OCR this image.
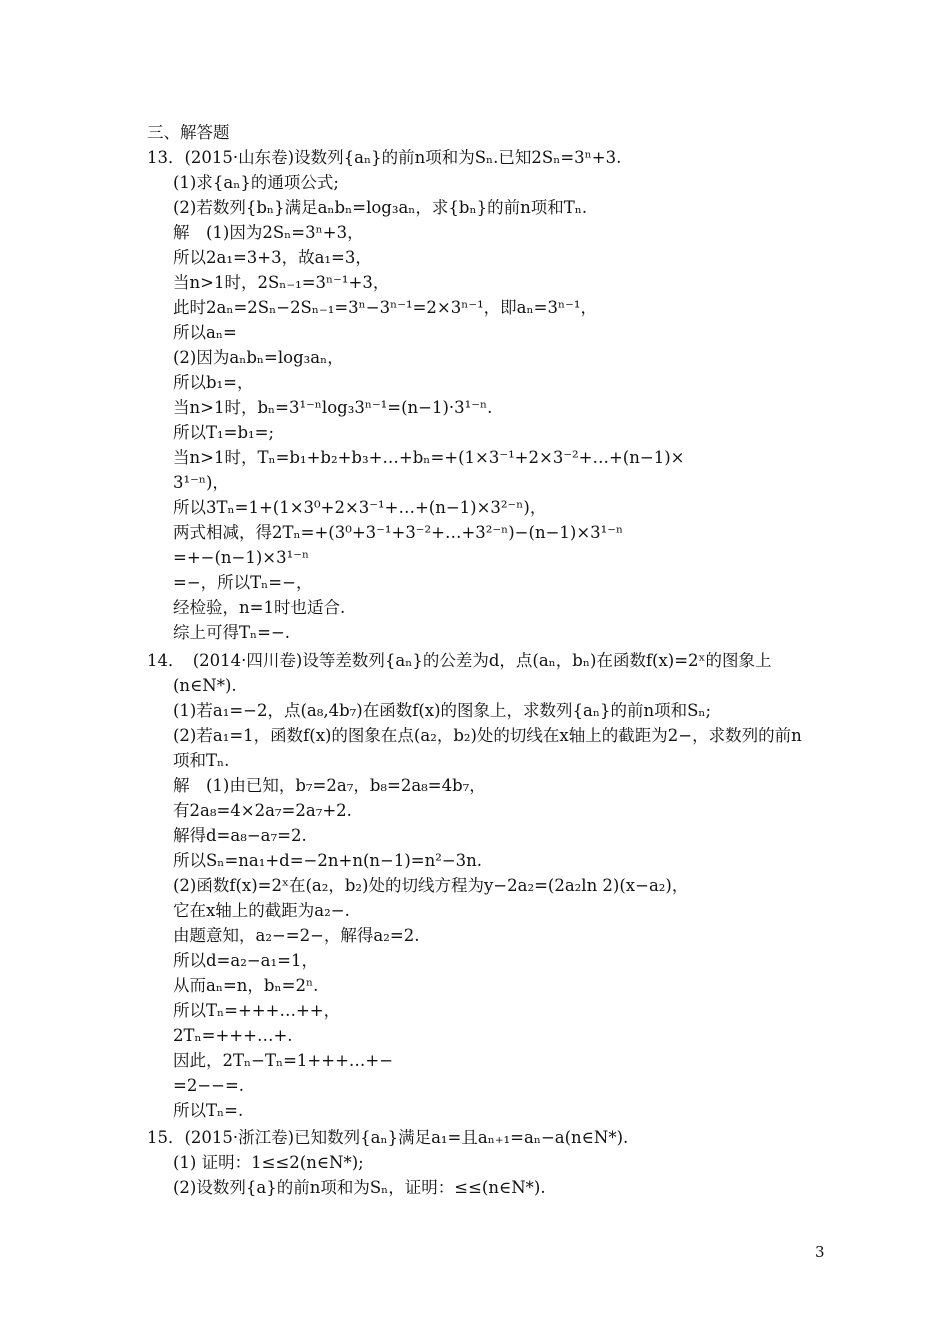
三、解答题
13．(2015·山东卷)设数列{aₙ}的前n项和为Sₙ.已知2Sₙ=3ⁿ+3.
(1)求{aₙ}的通项公式;
(2)若数列{bₙ}满足aₙbₙ=log₃aₙ，求{bₙ}的前n项和Tₙ.
解　(1)因为2Sₙ=3ⁿ+3，
所以2a₁=3+3，故a₁=3，
当n>1时，2Sₙ₋₁=3ⁿ⁻¹+3，
此时2aₙ=2Sₙ−2Sₙ₋₁=3ⁿ−3ⁿ⁻¹=2×3ⁿ⁻¹，即aₙ=3ⁿ⁻¹，
所以aₙ=
(2)因为aₙbₙ=log₃aₙ，
所以b₁=，
当n>1时，bₙ=3¹⁻ⁿlog₃3ⁿ⁻¹=(n−1)·3¹⁻ⁿ.
所以T₁=b₁=;
当n>1时，Tₙ=b₁+b₂+b₃+…+bₙ=+(1×3⁻¹+2×3⁻²+…+(n−1)×
3¹⁻ⁿ)，
所以3Tₙ=1+(1×3⁰+2×3⁻¹+…+(n−1)×3²⁻ⁿ)，
两式相减，得2Tₙ=+(3⁰+3⁻¹+3⁻²+…+3²⁻ⁿ)−(n−1)×3¹⁻ⁿ
=+−(n−1)×3¹⁻ⁿ
=−，所以Tₙ=−，
经检验，n=1时也适合.
综上可得Tₙ=−.
14．　(2014·四川卷)设等差数列{aₙ}的公差为d，点(aₙ，bₙ)在函数f(x)=2ˣ的图象上
(n∈N*).
(1)若a₁=−2，点(a₈,4b₇)在函数f(x)的图象上，求数列{aₙ}的前n项和Sₙ;
(2)若a₁=1，函数f(x)的图象在点(a₂，b₂)处的切线在x轴上的截距为2−，求数列的前n
项和Tₙ.
解　(1)由已知，b₇=2a₇，b₈=2a₈=4b₇，
有2a₈=4×2a₇=2a₇+2.
解得d=a₈−a₇=2.
所以Sₙ=na₁+d=−2n+n(n−1)=n²−3n.
(2)函数f(x)=2ˣ在(a₂，b₂)处的切线方程为y−2a₂=(2a₂ln 2)(x−a₂)，
它在x轴上的截距为a₂−.
由题意知，a₂−=2−，解得a₂=2.
所以d=a₂−a₁=1，
从而aₙ=n，bₙ=2ⁿ.
所以Tₙ=+++…++，
2Tₙ=+++…+.
因此，2Tₙ−Tₙ=1+++…+−
=2−−=.
所以Tₙ=.
15．(2015·浙江卷)已知数列{aₙ}满足a₁=且aₙ₊₁=aₙ−a(n∈N*).
(1) 证明：1≤≤2(n∈N*);
(2)设数列{a}的前n项和为Sₙ，证明：≤≤(n∈N*).
3
